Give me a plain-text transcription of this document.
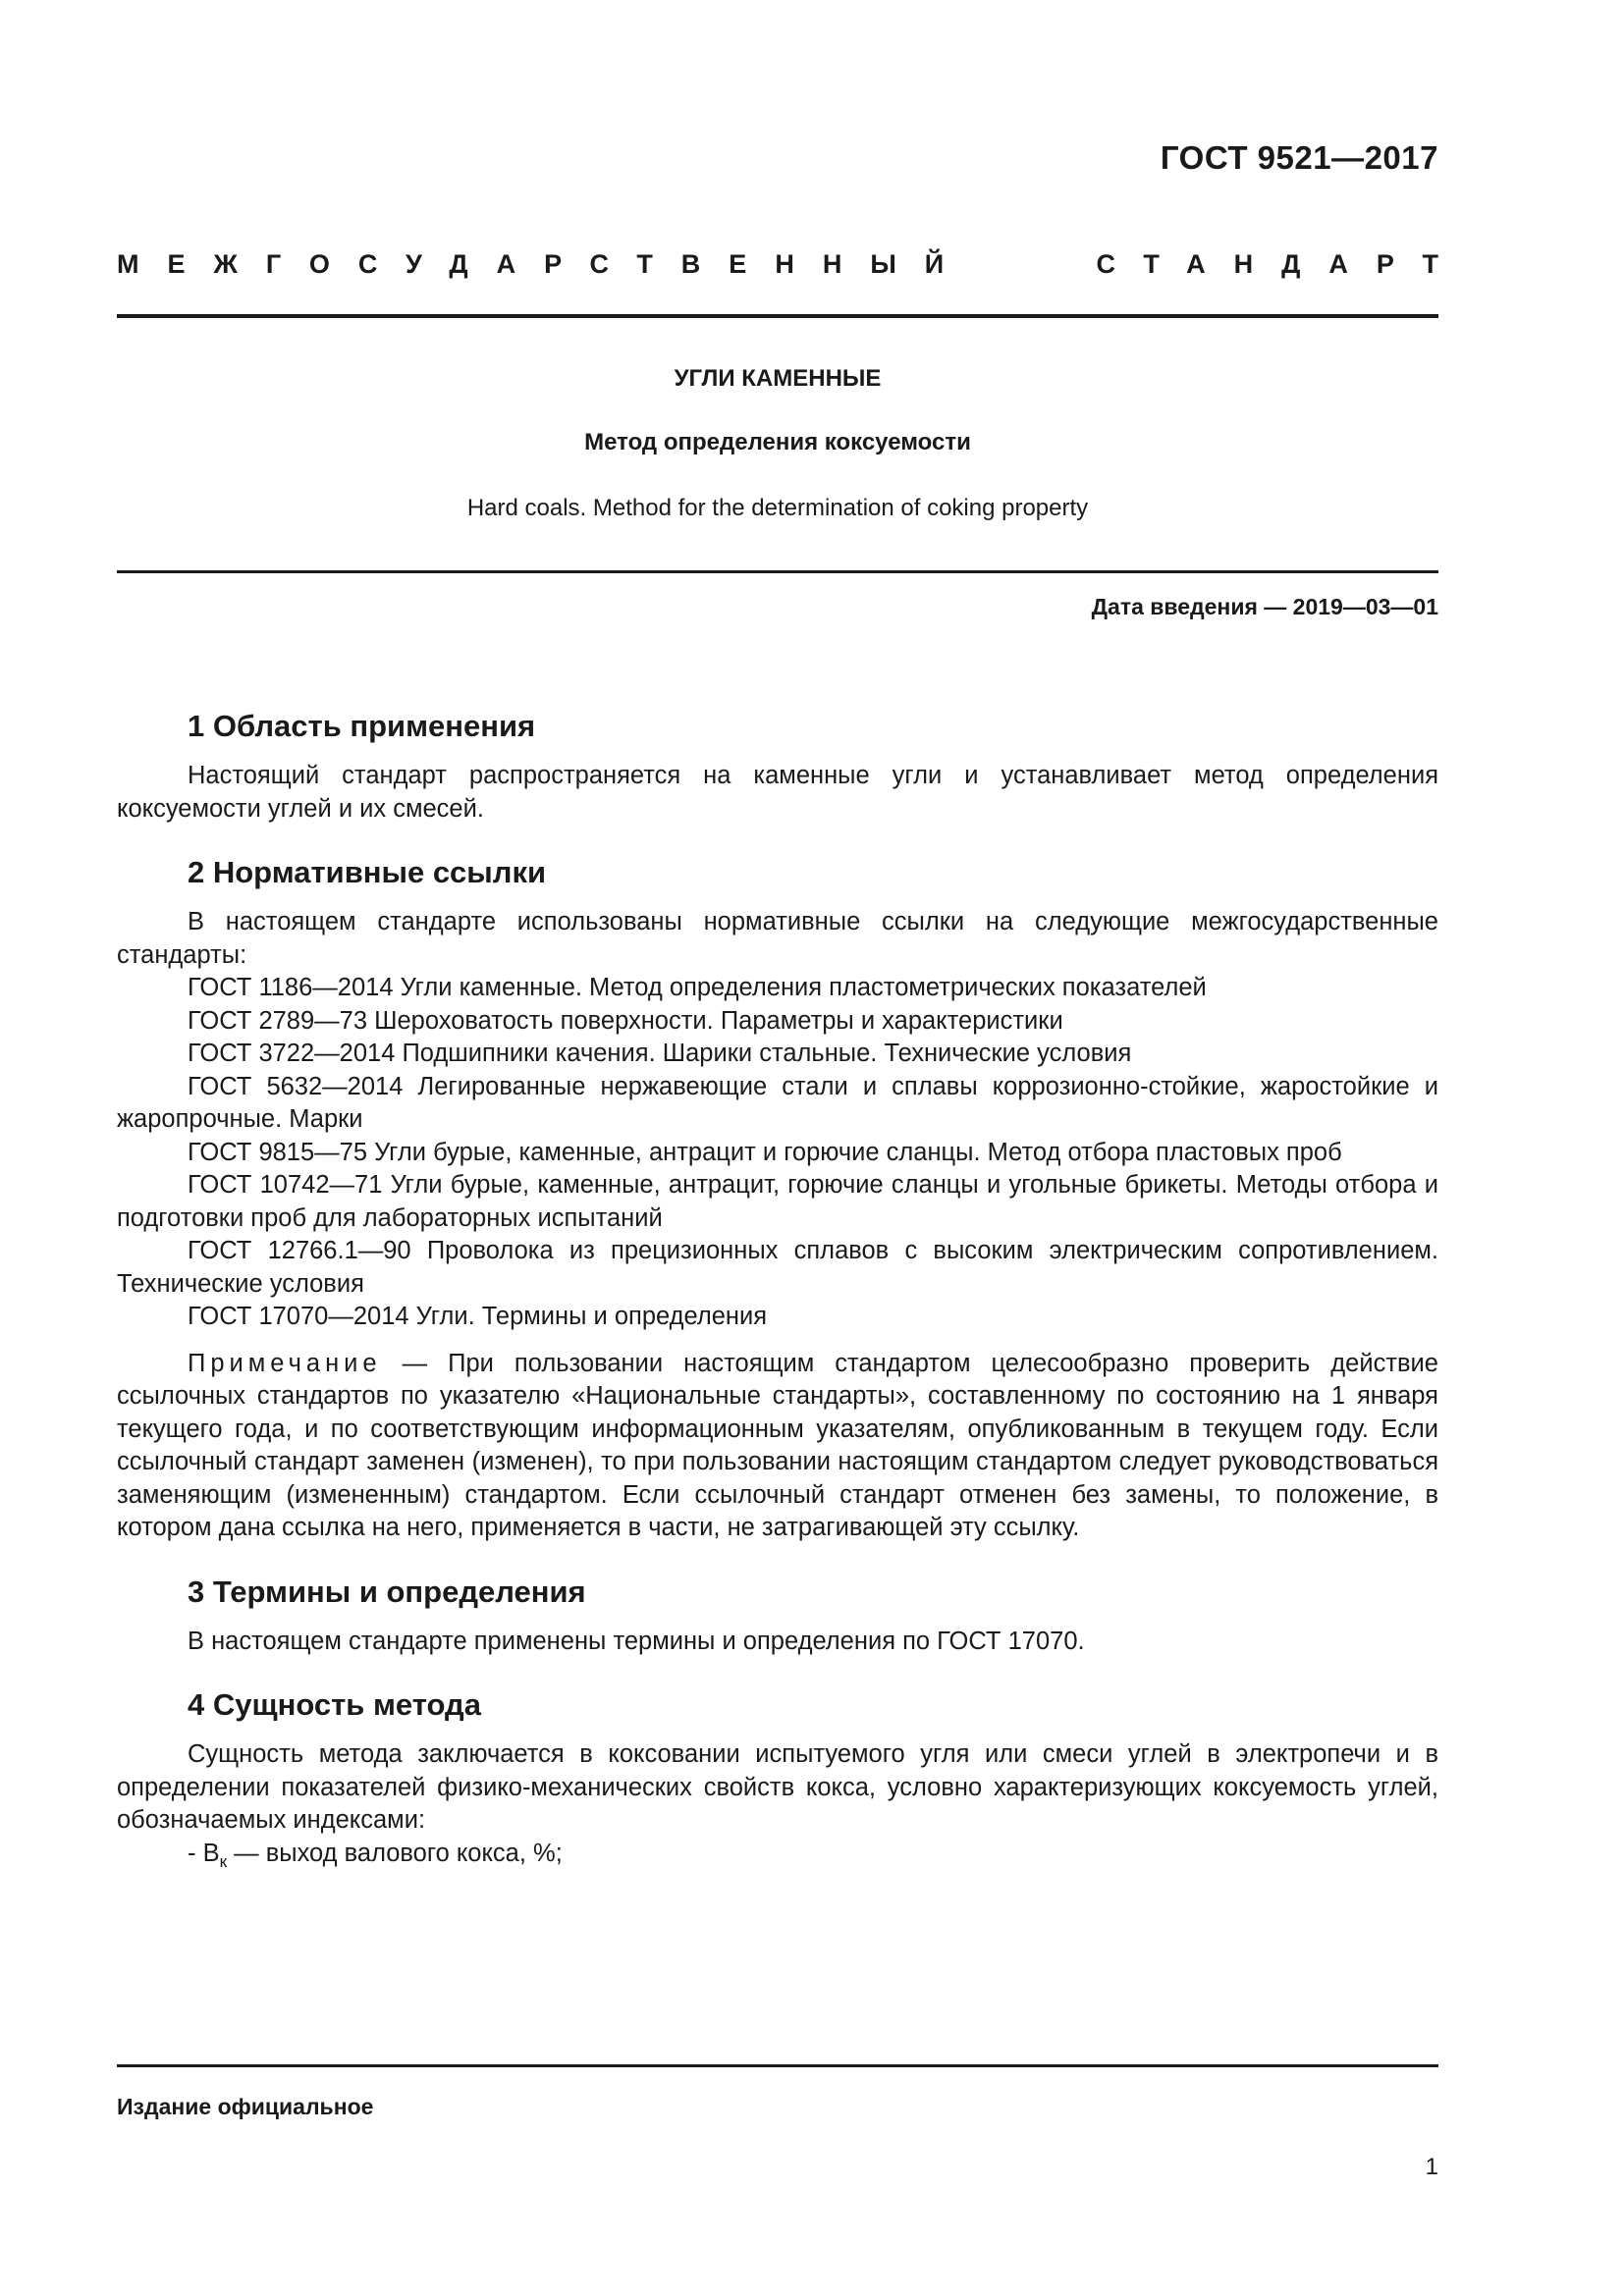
ГОСТ 9521—2017
МЕЖГОСУДАРСТВЕННЫЙ	СТАНДАРТ
УГЛИ КАМЕННЫЕ
Метод определения коксуемости
Hard coals. Method for the determination of coking property
Дата введения — 2019—03—01
1 Область применения

Настоящий стандарт распространяется на каменные угли и устанавливает метод определения коксуемости углей и их смесей.

2 Нормативные ссылки

В настоящем стандарте использованы нормативные ссылки на следующие межгосударственные стандарты:

ГОСТ 1186—2014 Угли каменные. Метод определения пластометрических показателей

ГОСТ 2789—73 Шероховатость поверхности. Параметры и характеристики

ГОСТ 3722—2014 Подшипники качения. Шарики стальные. Технические условия

ГОСТ 5632—2014 Легированные нержавеющие стали и сплавы коррозионно-стойкие, жаростойкие и жаропрочные. Марки

ГОСТ 9815—75 Угли бурые, каменные, антрацит и горючие сланцы. Метод отбора пластовых проб

ГОСТ 10742—71 Угли бурые, каменные, антрацит, горючие сланцы и угольные брикеты. Методы отбора и подготовки проб для лабораторных испытаний

ГОСТ 12766.1—90 Проволока из прецизионных сплавов с высоким электрическим сопротивлением. Технические условия

ГОСТ 17070—2014 Угли. Термины и определения

Примечание — При пользовании настоящим стандартом целесообразно проверить действие ссылочных стандартов по указателю «Национальные стандарты», составленному по состоянию на 1 января текущего года, и по соответствующим информационным указателям, опубликованным в текущем году. Если ссылочный стандарт заменен (изменен), то при пользовании настоящим стандартом следует руководствоваться заменяющим (измененным) стандартом. Если ссылочный стандарт отменен без замены, то положение, в котором дана ссылка на него, применяется в части, не затрагивающей эту ссылку.

3 Термины и определения

В настоящем стандарте применены термины и определения по ГОСТ 17070.

4 Сущность метода

Сущность метода заключается в коксовании испытуемого угля или смеси углей в электропечи и в определении показателей физико-механических свойств кокса, условно характеризующих коксуемость углей, обозначаемых индексами:

- $В_к$ — выход валового кокса, %;

Издание официальное
1
